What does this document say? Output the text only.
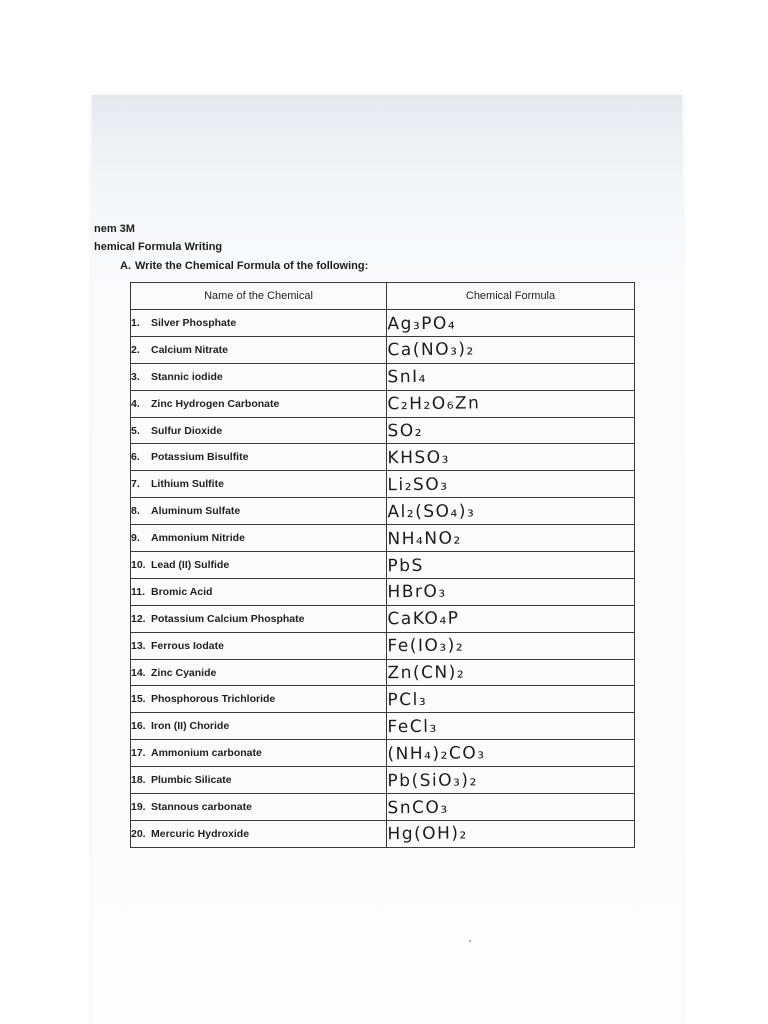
nem 3M
hemical Formula Writing
A. Write the Chemical Formula of the following:
Name of the Chemical	Chemical Formula
1. Silver Phosphate	Ag₃PO₄
2. Calcium Nitrate	Ca(NO₃)₂
3. Stannic iodide	SnI₄
4. Zinc Hydrogen Carbonate	C₂H₂O₆Zn
5. Sulfur Dioxide	SO₂
6. Potassium Bisulfite	KHSO₃
7. Lithium Sulfite	Li₂SO₃
8. Aluminum Sulfate	Al₂(SO₄)₃
9. Ammonium Nitride	NH₄NO₂
10. Lead (II) Sulfide	PbS
11. Bromic Acid	HBrO₃
12. Potassium Calcium Phosphate	CaKO₄P
13. Ferrous Iodate	Fe(IO₃)₂
14. Zinc Cyanide	Zn(CN)₂
15. Phosphorous Trichloride	PCl₃
16. Iron (II) Choride	FeCl₃
17. Ammonium carbonate	(NH₄)₂CO₃
18. Plumbic Silicate	Pb(SiO₃)₂
19. Stannous carbonate	SnCO₃
20. Mercuric Hydroxide	Hg(OH)₂
